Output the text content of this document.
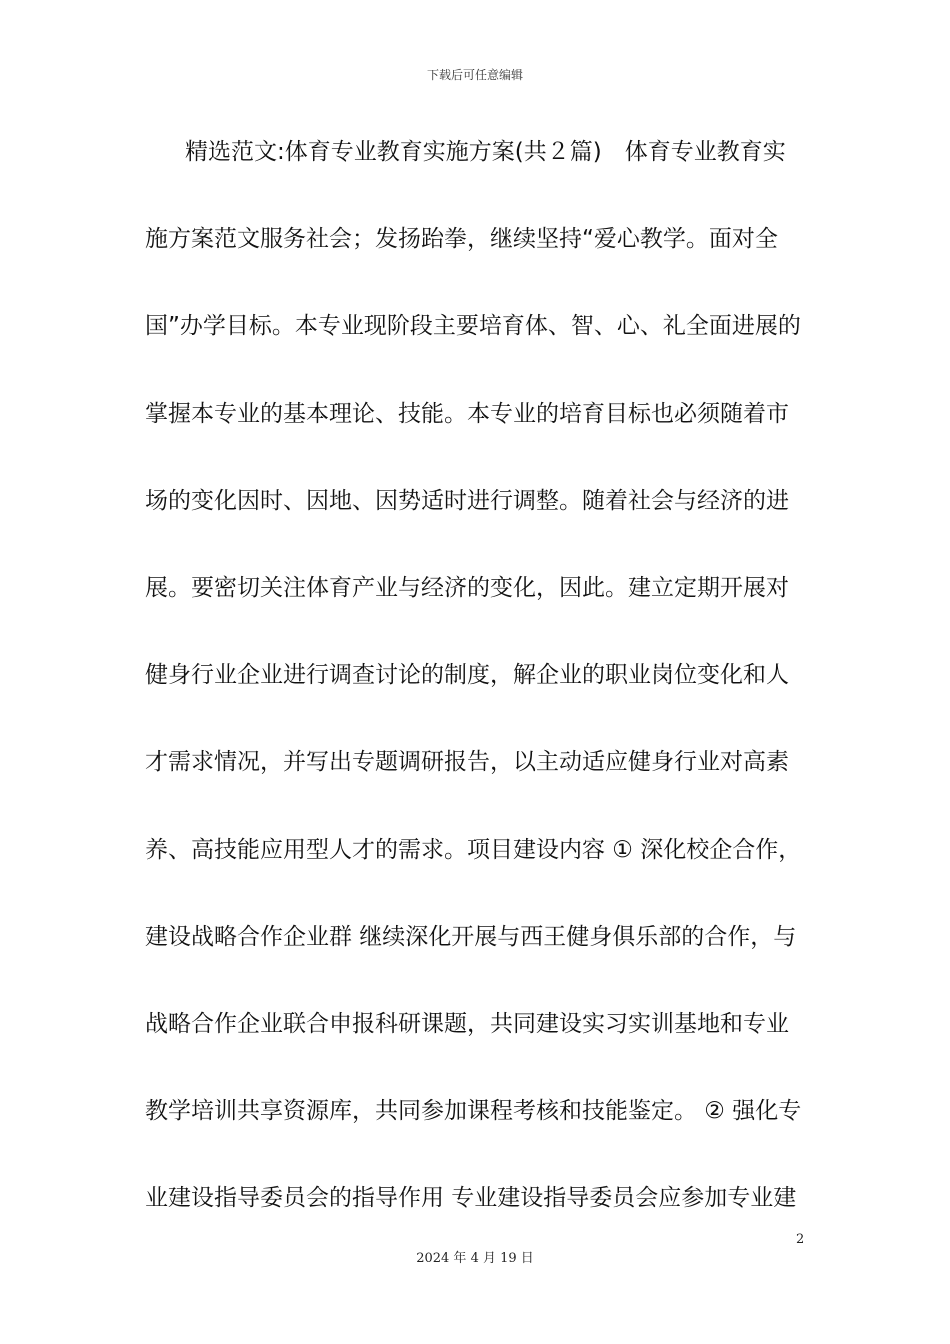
下载后可任意编辑
精选范文:体育专业教育实施方案(共２篇)　体育专业教育实
施方案范文服务社会；发扬跆拳，继续坚持“爱心教学。面对全
国”办学目标。本专业现阶段主要培育体、智、心、礼全面进展的
掌握本专业的基本理论、技能。本专业的培育目标也必须随着市
场的变化因时、因地、因势适时进行调整。随着社会与经济的进
展。要密切关注体育产业与经济的变化，因此。建立定期开展对
健身行业企业进行调查讨论的制度，解企业的职业岗位变化和人
才需求情况，并写出专题调研报告，以主动适应健身行业对高素
养、高技能应用型人才的需求。项目建设内容 ① 深化校企合作，
建设战略合作企业群 继续深化开展与西王健身俱乐部的合作，与
战略合作企业联合申报科研课题，共同建设实习实训基地和专业
教学培训共享资源库，共同参加课程考核和技能鉴定。 ② 强化专
业建设指导委员会的指导作用 专业建设指导委员会应参加专业建
2
2024 年 4 月 19 日
